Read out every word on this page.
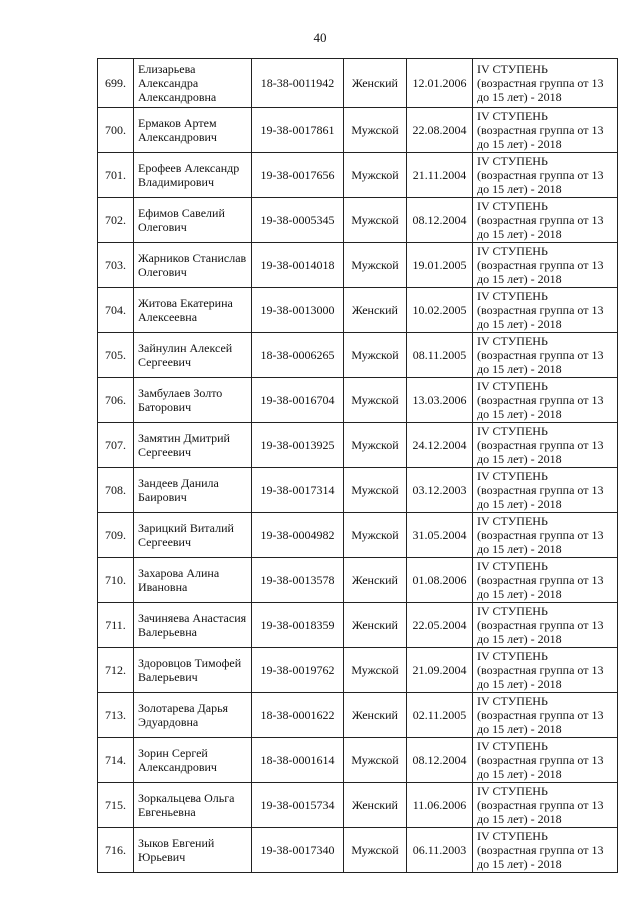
40
699.	Елизарьева Александра Александровна	18-38-0011942	Женский	12.01.2006	IV СТУПЕНЬ
(возрастная группа от 13
до 15 лет) - 2018

700.	Ермаков Артем Александрович	19-38-0017861	Мужской	22.08.2004	IV СТУПЕНЬ
(возрастная группа от 13
до 15 лет) - 2018

701.	Ерофеев Александр Владимирович	19-38-0017656	Мужской	21.11.2004	IV СТУПЕНЬ
(возрастная группа от 13
до 15 лет) - 2018

702.	Ефимов Савелий Олегович	19-38-0005345	Мужской	08.12.2004	IV СТУПЕНЬ
(возрастная группа от 13
до 15 лет) - 2018

703.	Жарников Станислав Олегович	19-38-0014018	Мужской	19.01.2005	IV СТУПЕНЬ
(возрастная группа от 13
до 15 лет) - 2018

704.	Житова Екатерина Алексеевна	19-38-0013000	Женский	10.02.2005	IV СТУПЕНЬ
(возрастная группа от 13
до 15 лет) - 2018

705.	Зайнулин Алексей Сергеевич	18-38-0006265	Мужской	08.11.2005	IV СТУПЕНЬ
(возрастная группа от 13
до 15 лет) - 2018

706.	Замбулаев Золто Баторович	19-38-0016704	Мужской	13.03.2006	IV СТУПЕНЬ
(возрастная группа от 13
до 15 лет) - 2018

707.	Замятин Дмитрий Сергеевич	19-38-0013925	Мужской	24.12.2004	IV СТУПЕНЬ
(возрастная группа от 13
до 15 лет) - 2018

708.	Зандеев Данила Баирович	19-38-0017314	Мужской	03.12.2003	IV СТУПЕНЬ
(возрастная группа от 13
до 15 лет) - 2018

709.	Зарицкий Виталий Сергеевич	19-38-0004982	Мужской	31.05.2004	IV СТУПЕНЬ
(возрастная группа от 13
до 15 лет) - 2018

710.	Захарова Алина Ивановна	19-38-0013578	Женский	01.08.2006	IV СТУПЕНЬ
(возрастная группа от 13
до 15 лет) - 2018

711.	Зачиняева Анастасия Валерьевна	19-38-0018359	Женский	22.05.2004	IV СТУПЕНЬ
(возрастная группа от 13
до 15 лет) - 2018

712.	Здоровцов Тимофей Валерьевич	19-38-0019762	Мужской	21.09.2004	IV СТУПЕНЬ
(возрастная группа от 13
до 15 лет) - 2018

713.	Золотарева Дарья Эдуардовна	18-38-0001622	Женский	02.11.2005	IV СТУПЕНЬ
(возрастная группа от 13
до 15 лет) - 2018

714.	Зорин Сергей Александрович	18-38-0001614	Мужской	08.12.2004	IV СТУПЕНЬ
(возрастная группа от 13
до 15 лет) - 2018

715.	Зоркальцева Ольга Евгеньевна	19-38-0015734	Женский	11.06.2006	IV СТУПЕНЬ
(возрастная группа от 13
до 15 лет) - 2018

716.	Зыков Евгений Юрьевич	19-38-0017340	Мужской	06.11.2003	IV СТУПЕНЬ
(возрастная группа от 13
до 15 лет) - 2018
